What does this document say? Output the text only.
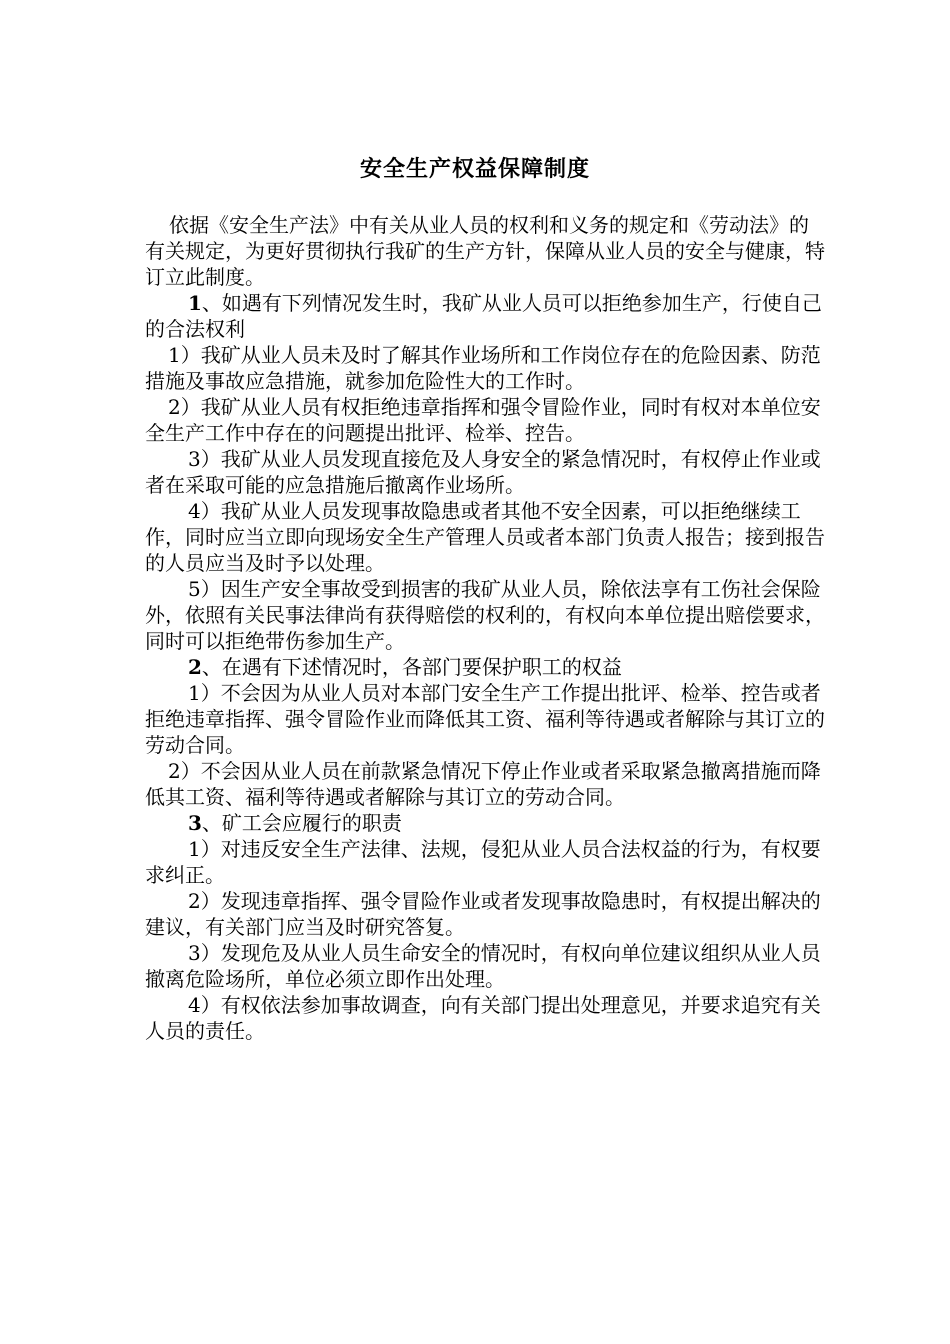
安全生产权益保障制度

依据《安全生产法》中有关从业人员的权利和义务的规定和《劳动法》的有关规定，为更好贯彻执行我矿的生产方针，保障从业人员的安全与健康，特订立此制度。

1、如遇有下列情况发生时，我矿从业人员可以拒绝参加生产，行使自己的合法权利

1）我矿从业人员未及时了解其作业场所和工作岗位存在的危险因素、防范措施及事故应急措施，就参加危险性大的工作时。

2）我矿从业人员有权拒绝违章指挥和强令冒险作业，同时有权对本单位安全生产工作中存在的问题提出批评、检举、控告。

3）我矿从业人员发现直接危及人身安全的紧急情况时，有权停止作业或者在采取可能的应急措施后撤离作业场所。

4）我矿从业人员发现事故隐患或者其他不安全因素，可以拒绝继续工作，同时应当立即向现场安全生产管理人员或者本部门负责人报告；接到报告的人员应当及时予以处理。

5）因生产安全事故受到损害的我矿从业人员，除依法享有工伤社会保险外，依照有关民事法律尚有获得赔偿的权利的，有权向本单位提出赔偿要求，同时可以拒绝带伤参加生产。

2、在遇有下述情况时，各部门要保护职工的权益

1）不会因为从业人员对本部门安全生产工作提出批评、检举、控告或者拒绝违章指挥、强令冒险作业而降低其工资、福利等待遇或者解除与其订立的劳动合同。

2）不会因从业人员在前款紧急情况下停止作业或者采取紧急撤离措施而降低其工资、福利等待遇或者解除与其订立的劳动合同。

3、矿工会应履行的职责

1）对违反安全生产法律、法规，侵犯从业人员合法权益的行为，有权要求纠正。

2）发现违章指挥、强令冒险作业或者发现事故隐患时，有权提出解决的建议，有关部门应当及时研究答复。

3）发现危及从业人员生命安全的情况时，有权向单位建议组织从业人员撤离危险场所，单位必须立即作出处理。

4）有权依法参加事故调查，向有关部门提出处理意见，并要求追究有关人员的责任。
